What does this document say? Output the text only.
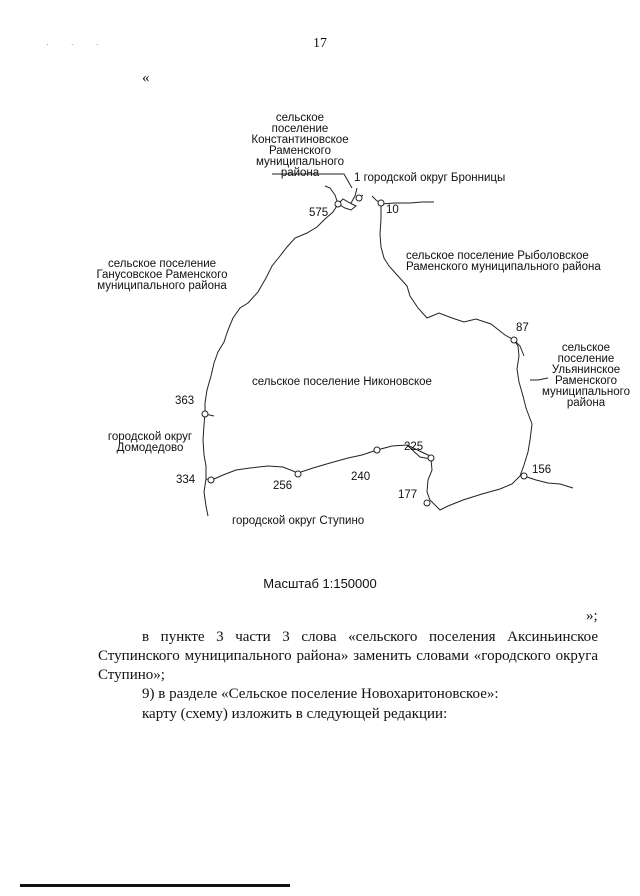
· · ·	17
«
сельское
поселение
Константиновское
Раменского
муниципального
района	1 городской округ Бронницы
сельское поселение Рыболовское
Раменского муниципального района
сельское поселение
Ганусовское Раменского
муниципального района
сельское поселение Никоновское
сельское
поселение
Ульянинское
Раменского
муниципального
района
городской округ
Домодедово
городской округ Ступино
575	10
87
363
334	256
240
225
177
156
Масштаб 1:150000
»;
в пункте 3 части 3 слова «сельского поселения Аксиньинское Ступинского муниципального района» заменить словами «городского округа Ступино»;
9) в разделе «Сельское поселение Новохаритоновское»:
карту (схему) изложить в следующей редакции:
